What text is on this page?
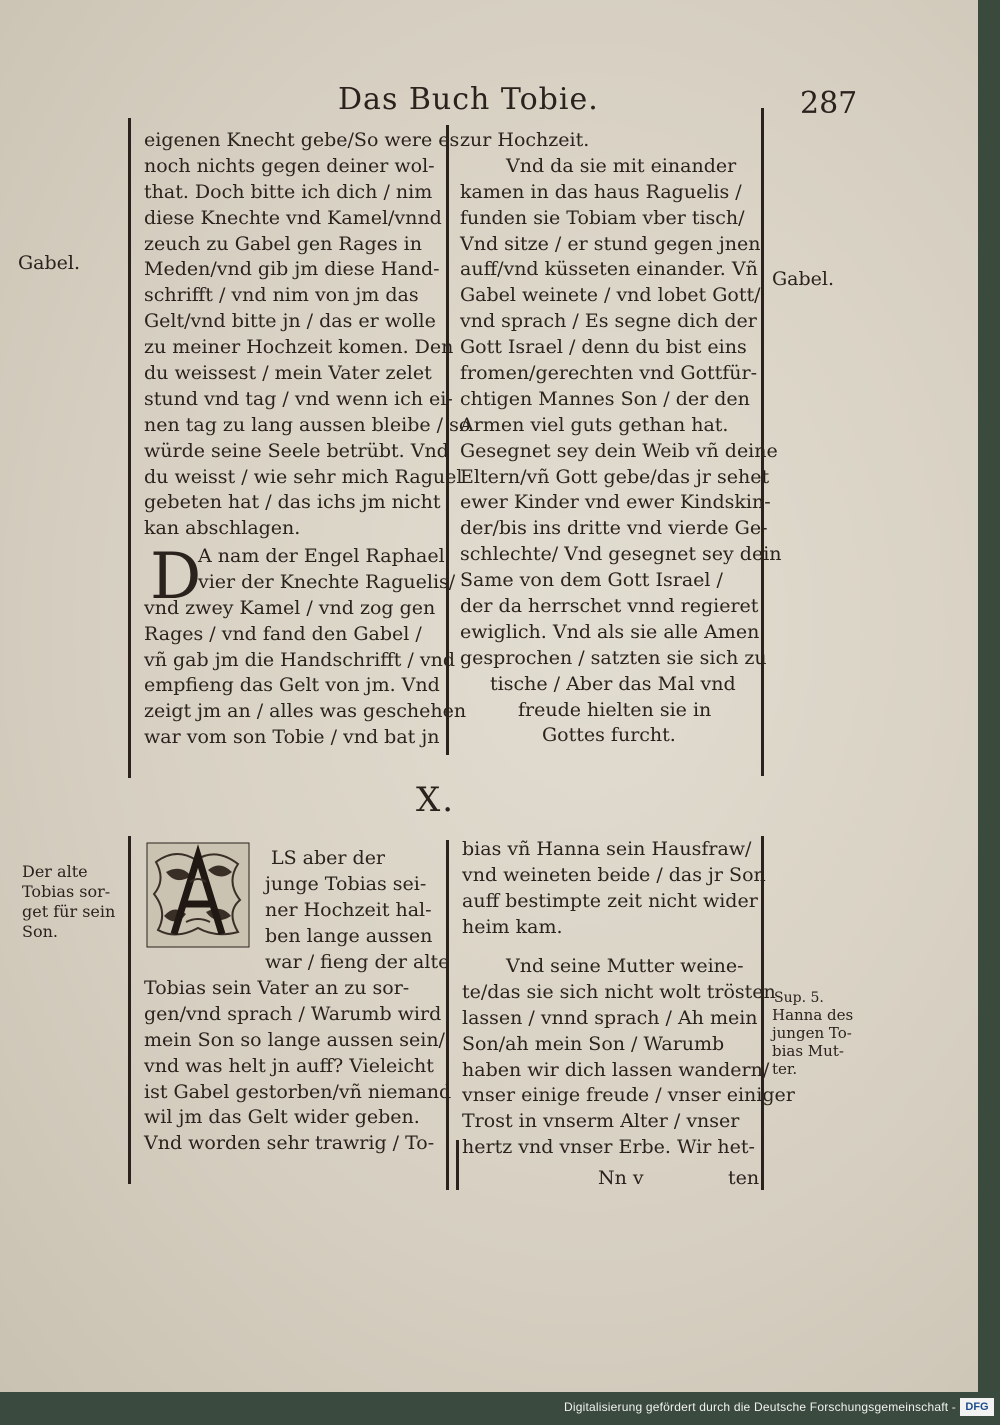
Das Buch Tobie.	287
eigenen Knecht gebe/So were es
noch nichts gegen deiner wol-
that. Doch bitte ich dich / nim
diese Knechte vnd Kamel/vnnd
zeuch zu Gabel gen Rages in
Meden/vnd gib jm diese Hand-
schrifft / vnd nim von jm das
Gelt/vnd bitte jn / das er wolle
zu meiner Hochzeit komen. Den
du weissest / mein Vater zelet
stund vnd tag / vnd wenn ich ei-
nen tag zu lang aussen bleibe / so
würde seine Seele betrübt. Vnd
du weisst / wie sehr mich Raguel
gebeten hat / das ichs jm nicht
kan abschlagen.
D
A nam der Engel Raphael
vier der Knechte Raguelis/
vnd zwey Kamel / vnd zog gen
Rages / vnd fand den Gabel /
vñ gab jm die Handschrifft / vnd
empfieng das Gelt von jm. Vnd
zeigt jm an / alles was geschehen
war vom son Tobie / vnd bat jn
zur Hochzeit.
Vnd da sie mit einander
kamen in das haus Raguelis /
funden sie Tobiam vber tisch/
Vnd sitze / er stund gegen jnen
auff/vnd küsseten einander. Vñ
Gabel weinete / vnd lobet Gott/
vnd sprach / Es segne dich der
Gott Israel / denn du bist eins
fromen/gerechten vnd Gottfür-
chtigen Mannes Son / der den
Armen viel guts gethan hat.
Gesegnet sey dein Weib vñ deine
Eltern/vñ Gott gebe/das jr sehet
ewer Kinder vnd ewer Kindskin-
der/bis ins dritte vnd vierde Ge-
schlechte/ Vnd gesegnet sey dein
Same von dem Gott Israel /
der da herrschet vnnd regieret
ewiglich. Vnd als sie alle Amen
gesprochen / satzten sie sich zu
tische / Aber das Mal vnd
freude hielten sie in
Gottes furcht.
Gabel.
Gabel.
X.
LS aber der
junge Tobias sei-
ner Hochzeit hal-
ben lange aussen
war / fieng der alte
Tobias sein Vater an zu sor-
gen/vnd sprach / Warumb wird
mein Son so lange aussen sein/
vnd was helt jn auff? Vieleicht
ist Gabel gestorben/vñ niemand
wil jm das Gelt wider geben.
Vnd worden sehr trawrig / To-
bias vñ Hanna sein Hausfraw/
vnd weineten beide / das jr Son
auff bestimpte zeit nicht wider
heim kam.
Vnd seine Mutter weine-
te/das sie sich nicht wolt trösten
lassen / vnnd sprach / Ah mein
Son/ah mein Son / Warumb
haben wir dich lassen wandern/
vnser einige freude / vnser einiger
Trost in vnserm Alter / vnser
hertz vnd vnser Erbe. Wir het-
Nn v	ten
Der alte
Tobias sor-
get für sein
Son.
Sup. 5.
Hanna des
jungen To-
bias Mut-
ter.
Digitalisierung gefördert durch die Deutsche Forschungsgemeinschaft - DFG
